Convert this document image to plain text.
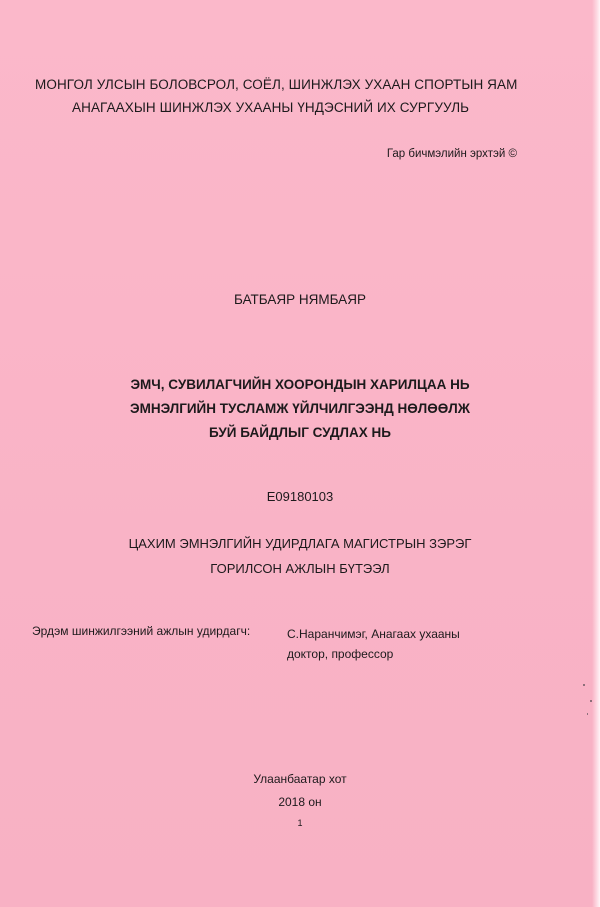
МОНГОЛ УЛСЫН БОЛОВСРОЛ, СОЁЛ, ШИНЖЛЭХ УХААН СПОРТЫН ЯАМ
АНАГААХЫН ШИНЖЛЭХ УХААНЫ ҮНДЭСНИЙ ИХ СУРГУУЛЬ
Гар бичмэлийн эрхтэй ©
БАТБАЯР НЯМБАЯР
ЭМЧ, СУВИЛАГЧИЙН ХООРОНДЫН ХАРИЛЦАА НЬ
ЭМНЭЛГИЙН ТУСЛАМЖ ҮЙЛЧИЛГЭЭНД НӨЛӨӨЛЖ
БУЙ БАЙДЛЫГ СУДЛАХ НЬ
E09180103
ЦАХИМ ЭМНЭЛГИЙН УДИРДЛАГА МАГИСТРЫН ЗЭРЭГ
ГОРИЛСОН АЖЛЫН БҮТЭЭЛ
Эрдэм шинжилгээний ажлын удирдагч:	С.Наранчимэг, Анагаах ухааны
доктор, профессор
Улаанбаатар хот
2018 он
1
